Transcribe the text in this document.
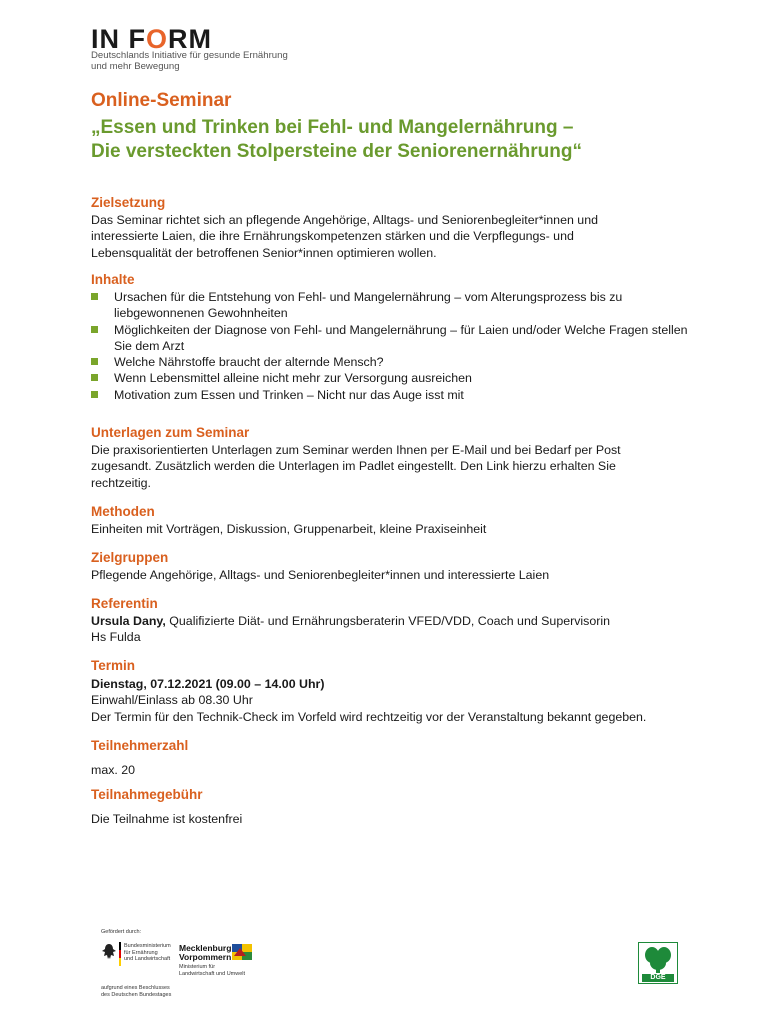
IN FORM
Deutschlands Initiative für gesunde Ernährung
und mehr Bewegung
Online-Seminar
„Essen und Trinken bei Fehl- und Mangelernährung –
Die versteckten Stolpersteine der Seniorenernährung“
Zielsetzung
Das Seminar richtet sich an pflegende Angehörige, Alltags- und Seniorenbegleiter*innen und interessierte Laien, die ihre Ernährungskompetenzen stärken und die Verpflegungs- und Lebensqualität der betroffenen Senior*innen optimieren wollen.
Inhalte
Ursachen für die Entstehung von Fehl- und Mangelernährung – vom Alterungsprozess bis zu liebgewonnenen Gewohnheiten
Möglichkeiten der Diagnose von Fehl- und Mangelernährung – für Laien und/oder Welche Fragen stellen Sie dem Arzt
Welche Nährstoffe braucht der alternde Mensch?
Wenn Lebensmittel alleine nicht mehr zur Versorgung ausreichen
Motivation zum Essen und Trinken – Nicht nur das Auge isst mit
Unterlagen zum Seminar
Die praxisorientierten Unterlagen zum Seminar werden Ihnen per E-Mail und bei Bedarf per Post zugesandt. Zusätzlich werden die Unterlagen im Padlet eingestellt. Den Link hierzu erhalten Sie rechtzeitig.
Methoden
Einheiten mit Vorträgen, Diskussion, Gruppenarbeit, kleine Praxiseinheit
Zielgruppen
Pflegende Angehörige, Alltags- und Seniorenbegleiter*innen und interessierte Laien
Referentin
Ursula Dany, Qualifizierte Diät- und Ernährungsberaterin VFED/VDD, Coach und Supervisorin
Hs Fulda
Termin
Dienstag, 07.12.2021 (09.00 – 14.00 Uhr)
Einwahl/Einlass ab 08.30 Uhr
Der Termin für den Technik-Check im Vorfeld wird rechtzeitig vor der Veranstaltung bekannt gegeben.
Teilnehmerzahl
max. 20
Teilnahmegebühr
Die Teilnahme ist kostenfrei
Gefördert durch:
Bundesministerium
für Ernährung
und Landwirtschaft
aufgrund eines Beschlusses
des Deutschen Bundestages
Mecklenburg
Vorpommern
Ministerium für
Landwirtschaft und Umwelt
DGE
